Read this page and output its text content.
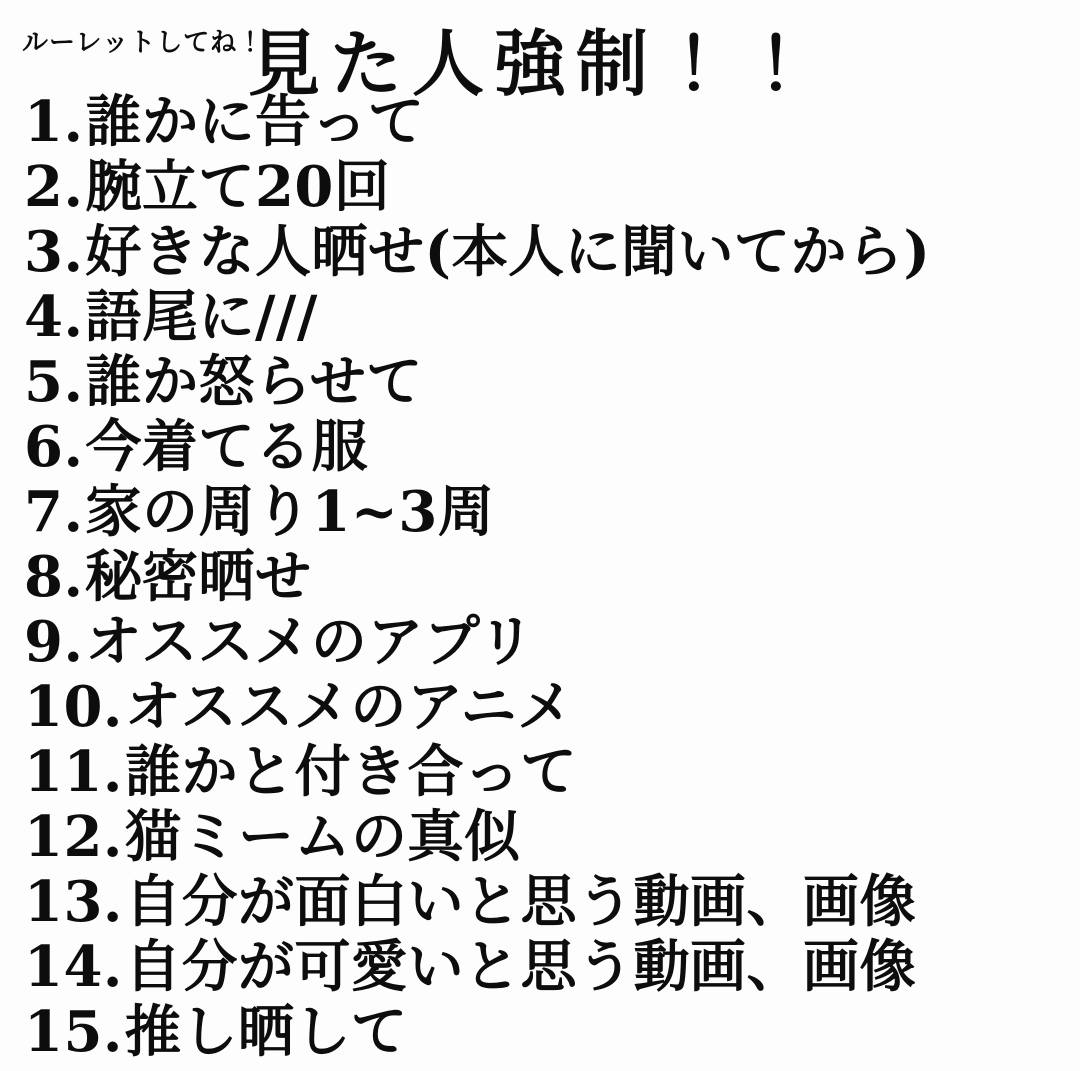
ルーレットしてね！
見た人強制！！
1. 誰かに告って
2. 腕立て20回
3. 好きな人晒せ(本人に聞いてから)
4. 語尾に///
5. 誰か怒らせて
6. 今着てる服
7. 家の周り1~3周
8. 秘密晒せ
9. オススメのアプリ
10. オススメのアニメ
11. 誰かと付き合って
12. 猫ミームの真似
13. 自分が面白いと思う動画、画像
14. 自分が可愛いと思う動画、画像
15. 推し晒して
